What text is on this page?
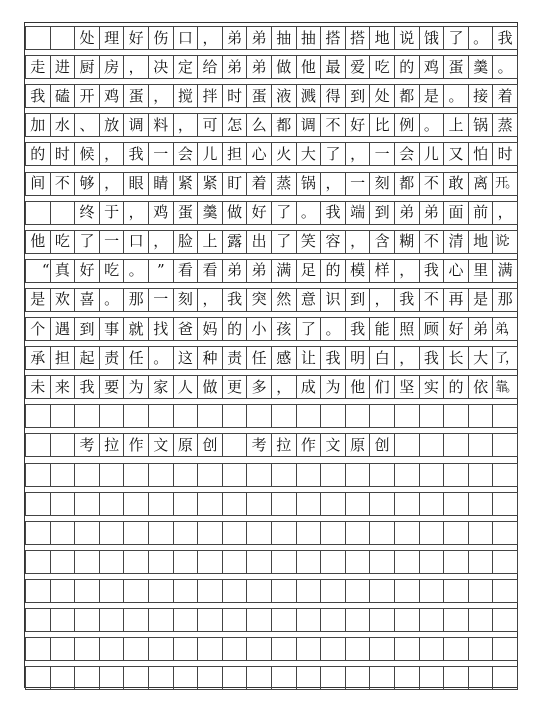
处 理 好 伤 口 ， 弟 弟 抽 抽 搭 搭 地 说 饿 了 。 我
走 进 厨 房 ， 决 定 给 弟 弟 做 他 最 爱 吃 的 鸡 蛋 羹 。
我 磕 开 鸡 蛋 ， 搅 拌 时 蛋 液 溅 得 到 处 都 是 。 接 着
加 水 、 放 调 料 ， 可 怎 么 都 调 不 好 比 例 。 上 锅 蒸
的 时 候 ， 我 一 会 儿 担 心 火 大 了 ， 一 会 儿 又 怕 时
间 不 够 ， 眼 睛 紧 紧 盯 着 蒸 锅 ， 一 刻 都 不 敢 离 开。
终 于 ， 鸡 蛋 羹 做 好 了 。 我 端 到 弟 弟 面 前 ，
他 吃 了 一 口 ， 脸 上 露 出 了 笑 容 ， 含 糊 不 清 地 说：
“ 真 好 吃 。 ” 看 看 弟 弟 满 足 的 模 样 ， 我 心 里 满
是 欢 喜 。 那 一 刻 ， 我 突 然 意 识 到 ， 我 不 再 是 那
个 遇 到 事 就 找 爸 妈 的 小 孩 了 。 我 能 照 顾 好 弟 弟，
承 担 起 责 任 。 这 种 责 任 感 让 我 明 白 ， 我 长 大 了，
未 来 我 要 为 家 人 做 更 多 ， 成 为 他 们 坚 实 的 依 靠。
考 拉 作 文 原 创	考 拉 作 文 原 创
